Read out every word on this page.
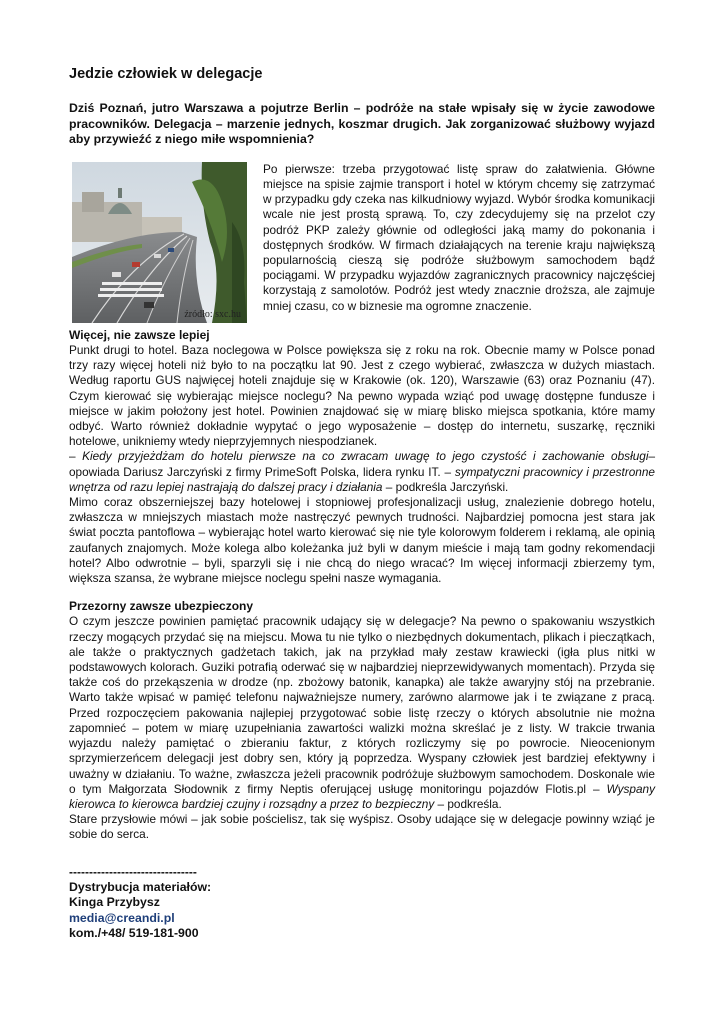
Jedzie człowiek w delegacje

Dziś Poznań, jutro Warszawa a pojutrze Berlin – podróże na stałe wpisały się w życie zawodowe pracowników. Delegacja – marzenie jednych, koszmar drugich. Jak zorganizować służbowy wyjazd aby przywieźć z niego miłe wspomnienia?

źródło: sxc.hu

Po pierwsze: trzeba przygotować listę spraw do załatwienia. Główne miejsce na spisie zajmie transport i hotel w którym chcemy się zatrzymać w przypadku gdy czeka nas kilkudniowy wyjazd. Wybór środka komunikacji wcale nie jest prostą sprawą. To, czy zdecydujemy się na przelot czy podróż PKP zależy głównie od odległości jaką mamy do pokonania i dostępnych środków. W firmach działających na terenie kraju największą popularnością cieszą się podróże służbowym samochodem bądź pociągami. W przypadku wyjazdów zagranicznych pracownicy najczęściej korzystają z samolotów. Podróż jest wtedy znacznie droższa, ale zajmuje mniej czasu, co w biznesie ma ogromne znaczenie.

Więcej, nie zawsze lepiej

Punkt drugi to hotel. Baza noclegowa w Polsce powiększa się z roku na rok. Obecnie mamy w Polsce ponad trzy razy więcej hoteli niż było to na początku lat 90. Jest z czego wybierać, zwłaszcza w dużych miastach. Według raportu GUS najwięcej hoteli znajduje się w Krakowie (ok. 120), Warszawie (63) oraz Poznaniu (47). Czym kierować się wybierając miejsce noclegu? Na pewno wypada wziąć pod uwagę dostępne fundusze i miejsce w jakim położony jest hotel. Powinien znajdować się w miarę blisko miejsca spotkania, które mamy odbyć. Warto również dokładnie wypytać o jego wyposażenie – dostęp do internetu, suszarkę, ręczniki hotelowe, unikniemy wtedy nieprzyjemnych niespodzianek.

– Kiedy przyjeżdżam do hotelu pierwsze na co zwracam uwagę to jego czystość i zachowanie obsługi– opowiada Dariusz Jarczyński z firmy PrimeSoft Polska, lidera rynku IT. – sympatyczni pracownicy i przestronne wnętrza od razu lepiej nastrajają do dalszej pracy i działania – podkreśla Jarczyński.

Mimo coraz obszerniejszej bazy hotelowej i stopniowej profesjonalizacji usług, znalezienie dobrego hotelu, zwłaszcza w mniejszych miastach może nastręczyć pewnych trudności. Najbardziej pomocna jest stara jak świat poczta pantoflowa – wybierając hotel warto kierować się nie tyle kolorowym folderem i reklamą, ale opinią zaufanych znajomych. Może kolega albo koleżanka już byli w danym mieście i mają tam godny rekomendacji hotel? Albo odwrotnie – byli, sparzyli się i nie chcą do niego wracać? Im więcej informacji zbierzemy tym, większa szansa, że wybrane miejsce noclegu spełni nasze wymagania.

Przezorny zawsze ubezpieczony

O czym jeszcze powinien pamiętać pracownik udający się w delegacje? Na pewno o spakowaniu wszystkich rzeczy mogących przydać się na miejscu. Mowa tu nie tylko o niezbędnych dokumentach, plikach i pieczątkach, ale także o praktycznych gadżetach takich, jak na przykład mały zestaw krawiecki (igła plus nitki w podstawowych kolorach. Guziki potrafią oderwać się w najbardziej nieprzewidywanych momentach). Przyda się także coś do przekąszenia w drodze (np. zbożowy batonik, kanapka) ale także awaryjny stój na przebranie. Warto także wpisać w pamięć telefonu najważniejsze numery, zarówno alarmowe jak i te związane z pracą. Przed rozpoczęciem pakowania najlepiej przygotować sobie listę rzeczy o których absolutnie nie można zapomnieć – potem w miarę uzupełniania zawartości walizki można skreślać je z listy. W trakcie trwania wyjazdu należy pamiętać o zbieraniu faktur, z których rozliczymy się po powrocie. Nieocenionym sprzymierzeńcem delegacji jest dobry sen, który ją poprzedza. Wyspany człowiek jest bardziej efektywny i uważny w działaniu. To ważne, zwłaszcza jeżeli pracownik podróżuje służbowym samochodem. Doskonale wie o tym Małgorzata Słodownik z firmy Neptis oferującej usługę monitoringu pojazdów Flotis.pl – Wyspany kierowca to kierowca bardziej czujny i rozsądny a przez to bezpieczny – podkreśla.

Stare przysłowie mówi – jak sobie pościelisz, tak się wyśpisz. Osoby udające się w delegacje powinny wziąć je sobie do serca.

--------------------------------
Dystrybucja materiałów:
Kinga Przybysz
media@creandi.pl
kom./+48/ 519-181-900
